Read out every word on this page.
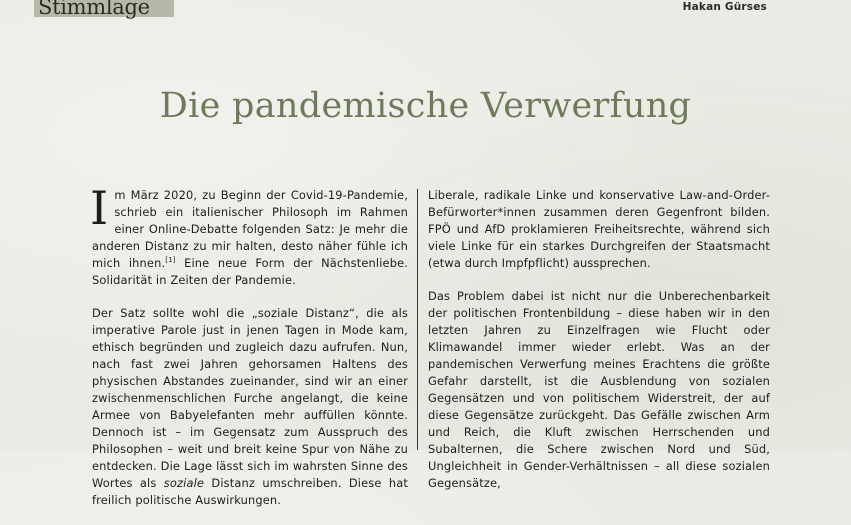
Stimmlage	Hakan Gürses
Die pandemische Verwerfung

Im März 2020, zu Beginn der Covid-19-Pandemie, schrieb ein italienischer Philosoph im Rahmen einer Online-Debatte folgenden Satz: Je mehr die anderen Distanz zu mir halten, desto näher fühle ich mich ihnen.[1] Eine neue Form der Nächstenliebe. Solidarität in Zeiten der Pandemie.

Der Satz sollte wohl die „soziale Distanz“, die als imperative Parole just in jenen Tagen in Mode kam, ethisch begründen und zugleich dazu aufrufen. Nun, nach fast zwei Jahren gehorsamen Haltens des physischen Abstandes zueinander, sind wir an einer zwischenmenschlichen Furche angelangt, die keine Armee von Babyelefanten mehr auffüllen könnte. Dennoch ist – im Gegensatz zum Ausspruch des Philosophen – weit und breit keine Spur von Nähe zu entdecken. Die Lage lässt sich im wahrsten Sinne des Wortes als soziale Distanz umschreiben. Diese hat freilich politische Auswirkungen.

Liberale, radikale Linke und konservative Law-and-Order-Befürworter*innen zusammen deren Gegenfront bilden. FPÖ und AfD proklamieren Freiheitsrechte, während sich viele Linke für ein starkes Durchgreifen der Staatsmacht (etwa durch Impfpflicht) aussprechen.

Das Problem dabei ist nicht nur die Unberechenbarkeit der politischen Frontenbildung – diese haben wir in den letzten Jahren zu Einzelfragen wie Flucht oder Klimawandel immer wieder erlebt. Was an der pandemischen Verwerfung meines Erachtens die größte Gefahr darstellt, ist die Ausblendung von sozialen Gegensätzen und von politischem Widerstreit, der auf diese Gegensätze zurückgeht. Das Gefälle zwischen Arm und Reich, die Kluft zwischen Herrschenden und Subalternen, die Schere zwischen Nord und Süd, Ungleichheit in Gender-Verhältnissen – all diese sozialen Gegensätze,
